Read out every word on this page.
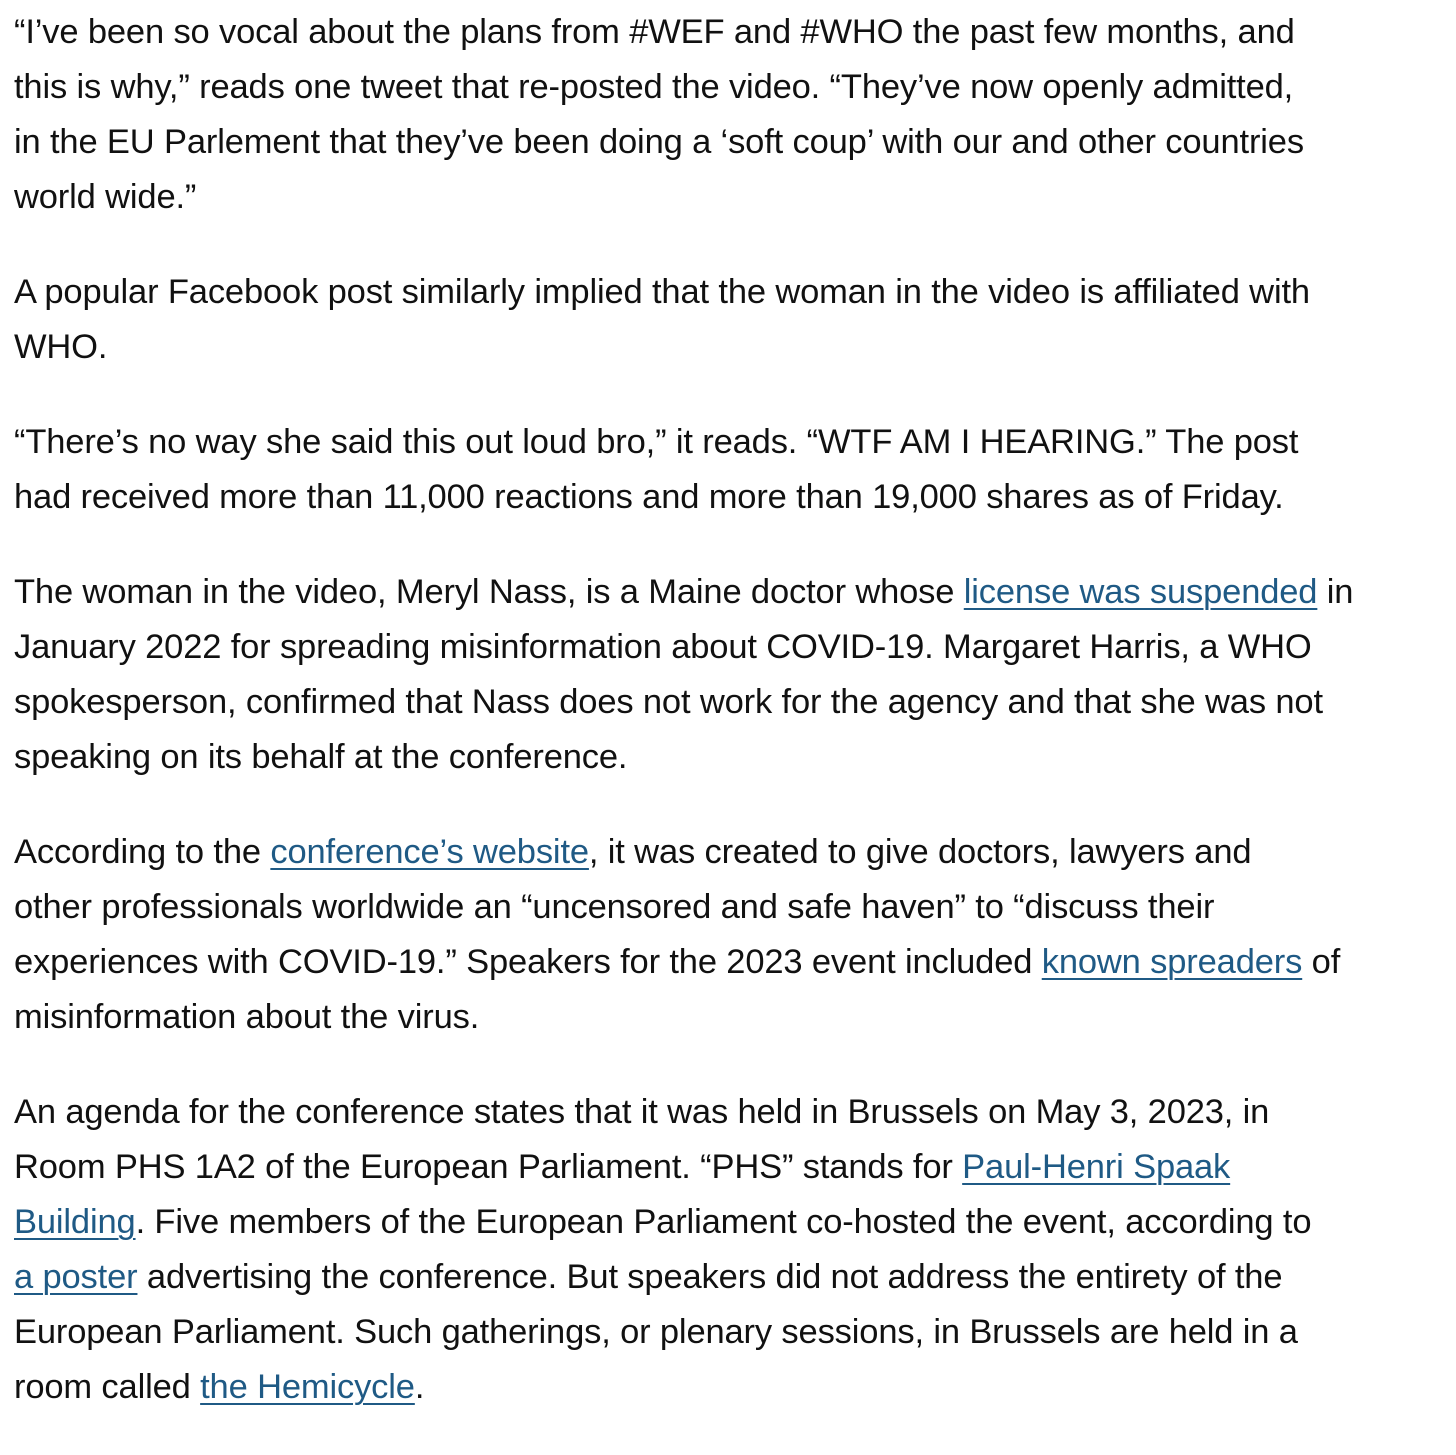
“I’ve been so vocal about the plans from #WEF and #WHO the past few months, and
this is why,” reads one tweet that re-posted the video. “They’ve now openly admitted,
in the EU Parlement that they’ve been doing a ‘soft coup’ with our and other countries
world wide.”

A popular Facebook post similarly implied that the woman in the video is affiliated with
WHO.

“There’s no way she said this out loud bro,” it reads. “WTF AM I HEARING.” The post
had received more than 11,000 reactions and more than 19,000 shares as of Friday.

The woman in the video, Meryl Nass, is a Maine doctor whose license was suspended in
January 2022 for spreading misinformation about COVID-19. Margaret Harris, a WHO
spokesperson, confirmed that Nass does not work for the agency and that she was not
speaking on its behalf at the conference.

According to the conference’s website, it was created to give doctors, lawyers and
other professionals worldwide an “uncensored and safe haven” to “discuss their
experiences with COVID-19.” Speakers for the 2023 event included known spreaders of
misinformation about the virus.

An agenda for the conference states that it was held in Brussels on May 3, 2023, in
Room PHS 1A2 of the European Parliament. “PHS” stands for Paul-Henri Spaak
Building. Five members of the European Parliament co-hosted the event, according to
a poster advertising the conference. But speakers did not address the entirety of the
European Parliament. Such gatherings, or plenary sessions, in Brussels are held in a
room called the Hemicycle.
